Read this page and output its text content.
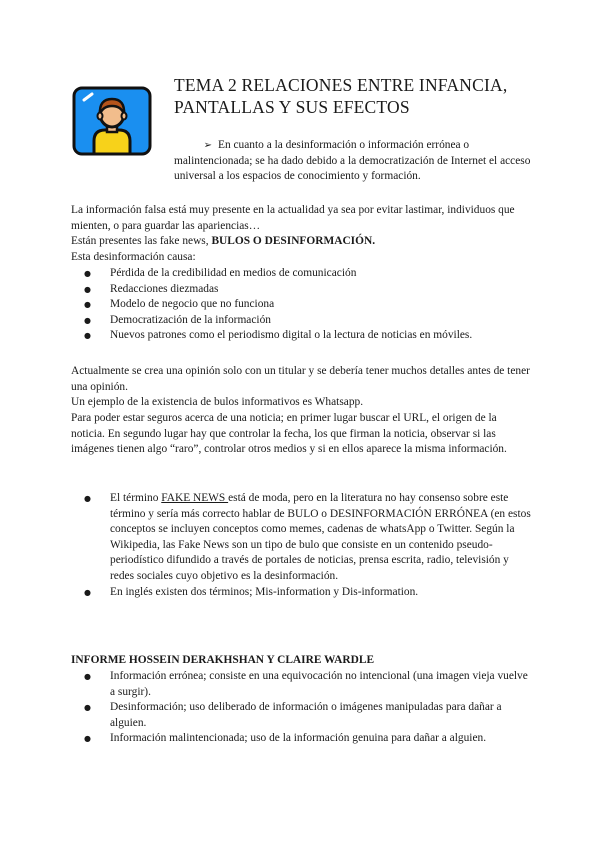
TEMA 2 RELACIONES ENTRE INFANCIA,
PANTALLAS Y SUS EFECTOS

➢ En cuanto a la desinformación o información errónea o malintencionada; se ha dado debido a la democratización de Internet el acceso universal a los espacios de conocimiento y formación.

La información falsa está muy presente en la actualidad ya sea por evitar lastimar, individuos que mienten, o para guardar las apariencias…

Están presentes las fake news, BULOS O DESINFORMACIÓN.

Esta desinformación causa:

● Pérdida de la credibilidad en medios de comunicación
● Redacciones diezmadas
● Modelo de negocio que no funciona
● Democratización de la información
● Nuevos patrones como el periodismo digital o la lectura de noticias en móviles.

Actualmente se crea una opinión solo con un titular y se debería tener muchos detalles antes de tener una opinión.

Un ejemplo de la existencia de bulos informativos es Whatsapp.

Para poder estar seguros acerca de una noticia; en primer lugar buscar el URL, el origen de la noticia. En segundo lugar hay que controlar la fecha, los que firman la noticia, observar si las imágenes tienen algo “raro”, controlar otros medios y si en ellos aparece la misma información.

● El término FAKE NEWS está de moda, pero en la literatura no hay consenso sobre este término y sería más correcto hablar de BULO o DESINFORMACIÓN ERRÓNEA (en estos conceptos se incluyen conceptos como memes, cadenas de whatsApp o Twitter. Según la Wikipedia, las Fake News son un tipo de bulo que consiste en un contenido pseudo-periodístico difundido a través de portales de noticias, prensa escrita, radio, televisión y redes sociales cuyo objetivo es la desinformación.
● En inglés existen dos términos; Mis-information y Dis-information.

INFORME HOSSEIN DERAKHSHAN Y CLAIRE WARDLE

● Información errónea; consiste en una equivocación no intencional (una imagen vieja vuelve a surgir).
● Desinformación; uso deliberado de información o imágenes manipuladas para dañar a alguien.
● Información malintencionada; uso de la información genuina para dañar a alguien.
